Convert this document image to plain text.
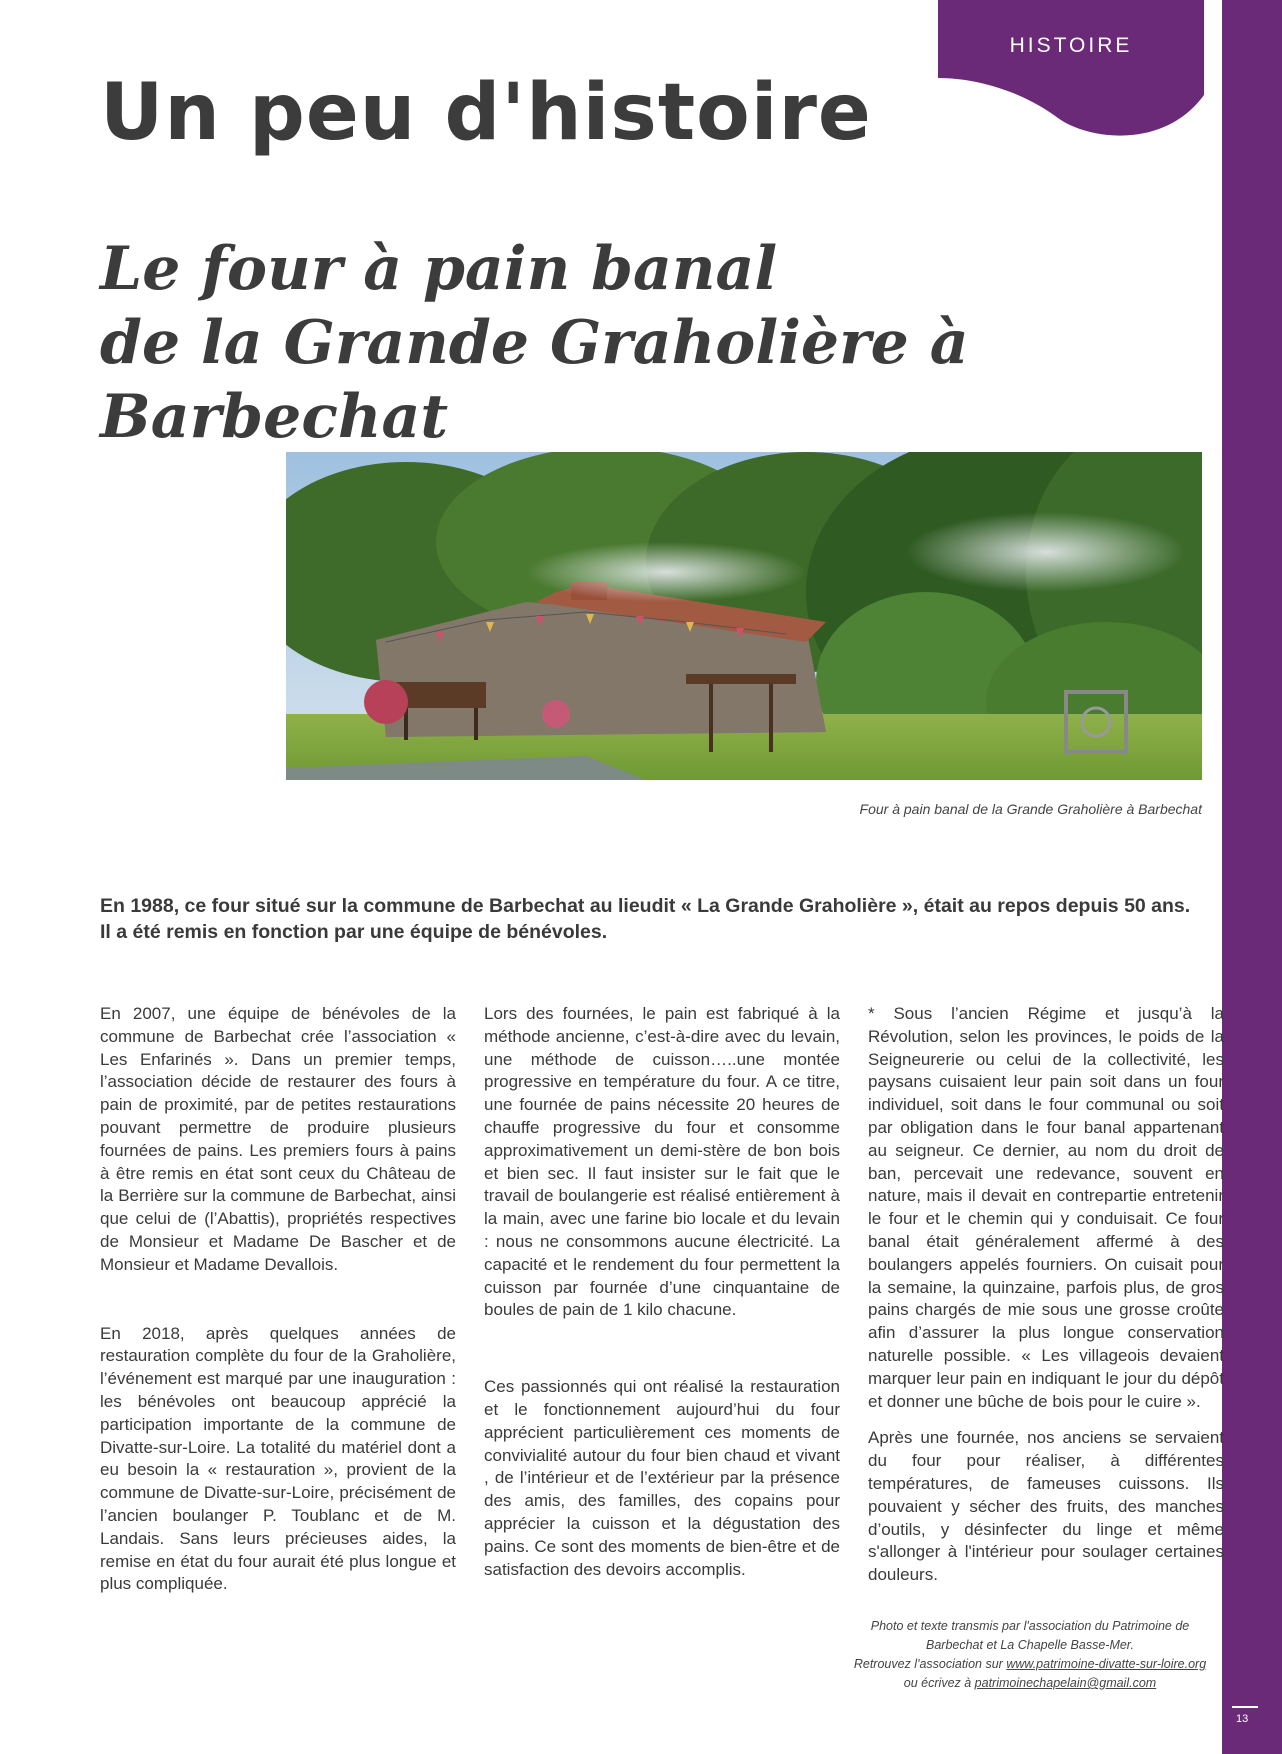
13
HISTOIRE
Un peu d'histoire
Le four à pain banal
de la Grande Graholière à Barbechat
Four à pain banal de la Grande Graholière à Barbechat

En 1988, ce four situé sur la commune de Barbechat au lieudit « La Grande Graholière », était au repos depuis 50 ans.

Il a été remis en fonction par une équipe de bénévoles.

En 2007, une équipe de bénévoles de la commune de Barbechat crée l’association « Les Enfarinés ». Dans un premier temps, l’association décide de restaurer des fours à pain de proximité, par de petites restaurations pouvant permettre de produire plusieurs fournées de pains. Les premiers fours à pains à être remis en état sont ceux du Château de la Berrière sur la commune de Barbechat, ainsi que celui de (l’Abattis), propriétés respectives de Monsieur et Madame De Bascher et de Monsieur et Madame Devallois.

En 2018, après quelques années de restauration complète du four de la Graholière, l’événement est marqué par une inauguration : les bénévoles ont beaucoup apprécié la participation importante de la commune de Divatte-sur-Loire. La totalité du matériel dont a eu besoin la « restauration », provient de la commune de Divatte-sur-Loire, précisément de l’ancien boulanger P. Toublanc et de M. Landais. Sans leurs précieuses aides, la remise en état du four aurait été plus longue et plus compliquée.

Lors des fournées, le pain est fabriqué à la méthode ancienne, c’est-à-dire avec du levain, une méthode de cuisson…..une montée progressive en température du four. A ce titre, une fournée de pains nécessite 20 heures de chauffe progressive du four et consomme approximativement un demi-stère de bon bois et bien sec. Il faut insister sur le fait que le travail de boulangerie est réalisé entièrement à la main, avec une farine bio locale et du levain : nous ne consommons aucune électricité. La capacité et le rendement du four permettent la cuisson par fournée d’une cinquantaine de boules de pain de 1 kilo chacune.

Ces passionnés qui ont réalisé la restauration et le fonctionnement aujourd’hui du four apprécient particulièrement ces moments de convivialité autour du four bien chaud et vivant , de l’intérieur et de l’extérieur par la présence des amis, des familles, des copains pour apprécier la cuisson et la dégustation des pains. Ce sont des moments de bien-être et de satisfaction des devoirs accomplis.

* Sous l’ancien Régime et jusqu’à la Révolution, selon les provinces, le poids de la Seigneurerie ou celui de la collectivité, les paysans cuisaient leur pain soit dans un four individuel, soit dans le four communal ou soit par obligation dans le four banal appartenant au seigneur. Ce dernier, au nom du droit de ban, percevait une redevance, souvent en nature, mais il devait en contrepartie entretenir le four et le chemin qui y conduisait. Ce four banal était généralement affermé à des boulangers appelés fourniers. On cuisait pour la semaine, la quinzaine, parfois plus, de gros pains chargés de mie sous une grosse croûte afin d’assurer la plus longue conservation naturelle possible. « Les villageois devaient marquer leur pain en indiquant le jour du dépôt et donner une bûche de bois pour le cuire ».

Après une fournée, nos anciens se servaient du four pour réaliser, à différentes températures, de fameuses cuissons. Ils pouvaient y sécher des fruits, des manches d’outils, y désinfecter du linge et même s'allonger à l'intérieur pour soulager certaines douleurs.

Photo et texte transmis par l'association du Patrimoine de

Barbechat et La Chapelle Basse-Mer.

Retrouvez l'association sur www.patrimoine-divatte-sur-loire.org

ou écrivez à patrimoinechapelain@gmail.com
